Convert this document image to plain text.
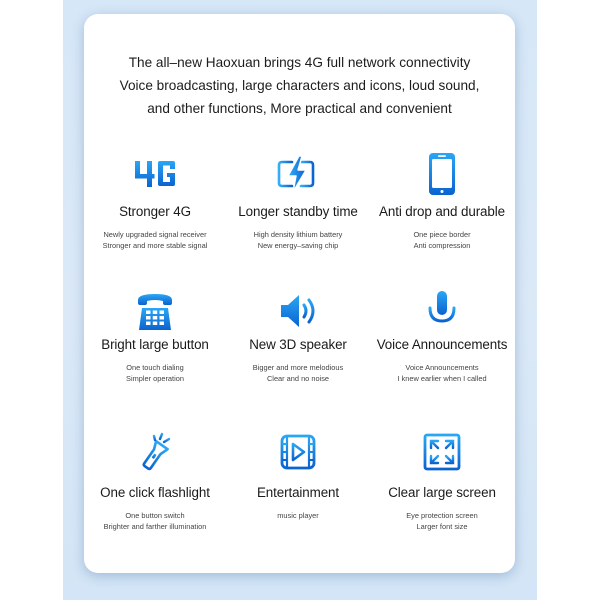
The all–new Haoxuan brings 4G full network connectivity
Voice broadcasting, large characters and icons, loud sound,
and other functions, More practical and convenient
Stronger 4G
Newly upgraded signal receiver
Stronger and more stable signal
Longer standby time
High density lithium battery
New energy–saving chip
Anti drop and durable
One piece border
Anti compression
Bright large button
One touch dialing
Simpler operation
New 3D speaker
Bigger and more melodious
Clear and no noise
Voice Announcements
Voice Announcements
I knew earlier when I called
One click flashlight
One button switch
Brighter and farther illumination
Entertainment
music player
Clear large screen
Eye protection screen
Larger font size
